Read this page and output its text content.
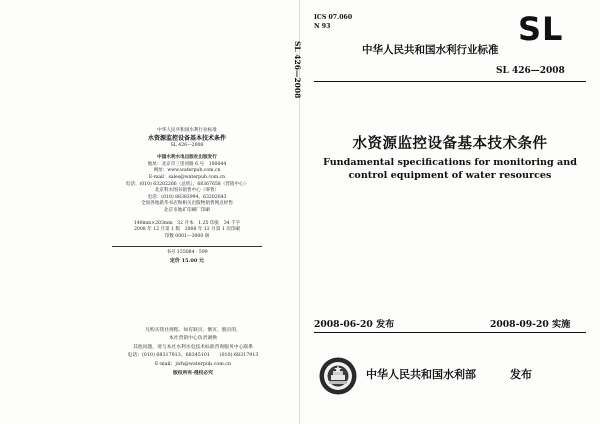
中华人民共和国水利行业标准
水资源监控设备基本技术条件
SL 426—2008
中国水利水电出版社出版发行
地址：北京市三里河路 6 号　100044
网址：www.waterpub.com.cn
E-mail：sales@waterpub.com.cn
电话：(010) 63202266（总机）、68367658（营销中心）
北京科水图书销售中心（零售）
电话：(010) 88383994、63202643
全国各地新华书店和相关出版物销售网点经售
北京市地矿印刷厂印刷
140mm×203mm　32 开本　1.25 印张　34 千字
2008 年 12 月第 1 版　2008 年 12 月第 1 次印刷
印数 0001—3000 册
书号 155084 · 599
定价 15.00 元
凡购买我社规程、如有缺页、倒页、脱页的，
本社营销中心负责调换
其他问题，请与本社水利水电技术标准咨询服务中心联系
电话：(010) 68317913、68345101　　(010) 68317913
E-mail：jwh@waterpub.com.cn
版权所有·侵权必究
SL 426—2008
ICS 07.060
N 93	SL
中华人民共和国水利行业标准
SL 426—2008
水资源监控设备基本技术条件
Fundamental specifications for monitoring and control equipment of water resources
2008-06-20 发布	2008-09-20 实施
中华人民共和国水利部	发布
